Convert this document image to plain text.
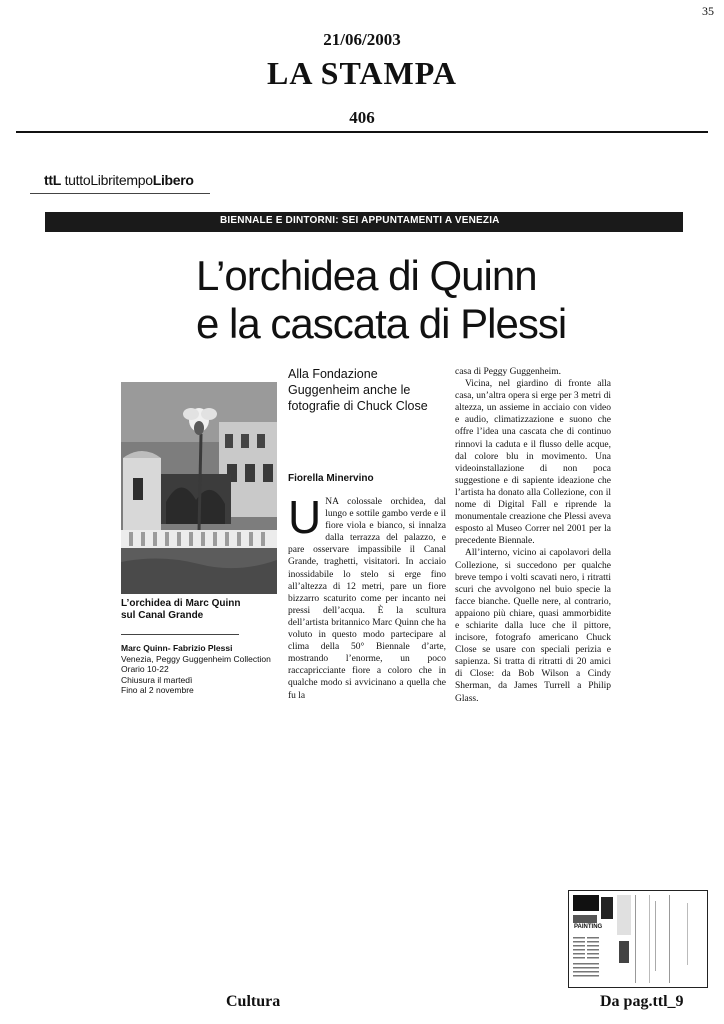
35
21/06/2003
LA STAMPA
406
ttL tuttoLibritempoLibero
BIENNALE E DINTORNI: SEI APPUNTAMENTI A VENEZIA
L’orchidea di Quinn
e la cascata di Plessi
L’orchidea di Marc Quinn
sul Canal Grande
Marc Quinn- Fabrizio Plessi
Venezia, Peggy Guggenheim Collection
Orario 10-22
Chiusura il martedì
Fino al 2 novembre
Alla Fondazione Guggenheim anche le fotografie di Chuck Close
Fiorella Minervino
UNA colossale orchidea, dal lungo e sottile gambo verde e il fiore viola e bianco, si innalza dalla terrazza del palazzo, e pare osservare impassibile il Canal Grande, traghetti, visitatori. In acciaio inossidabile lo stelo si erge fino all’altezza di 12 metri, pare un fiore bizzarro scaturito come per incanto nei pressi dell’acqua. È la scultura dell’artista britannico Marc Quinn che ha voluto in questo modo partecipare al clima della 50° Biennale d’arte, mostrando l’enorme, un poco raccapricciante fiore a coloro che in qualche modo si avvicinano a quella che fu la
casa di Peggy Guggenheim.
Vicina, nel giardino di fronte alla casa, un’altra opera si erge per 3 metri di altezza, un assieme in acciaio con video e audio, climatizzazione e suono che offre l’idea una cascata che di continuo rinnovi la caduta e il flusso delle acque, dal colore blu in movimento. Una videoinstallazione di non poca suggestione e di sapiente ideazione che l’artista ha donato alla Collezione, con il nome di Digital Fall e riprende la monumentale creazione che Plessi aveva esposto al Museo Correr nel 2001 per la precedente Biennale.
All’interno, vicino ai capolavori della Collezione, si succedono per qualche breve tempo i volti scavati nero, i ritratti scuri che avvolgono nel buio specie la facce bianche. Quelle nere, al contrario, appaiono più chiare, quasi ammorbidite e schiarite dalla luce che il pittore, incisore, fotografo americano Chuck Close se usare con speciali perizia e sapienza. Si tratta di ritratti di 20 amici di Close: da Bob Wilson a Cindy Sherman, da James Turrell a Philip Glass.
PAINTING
Cultura	Da pag.ttl_9
